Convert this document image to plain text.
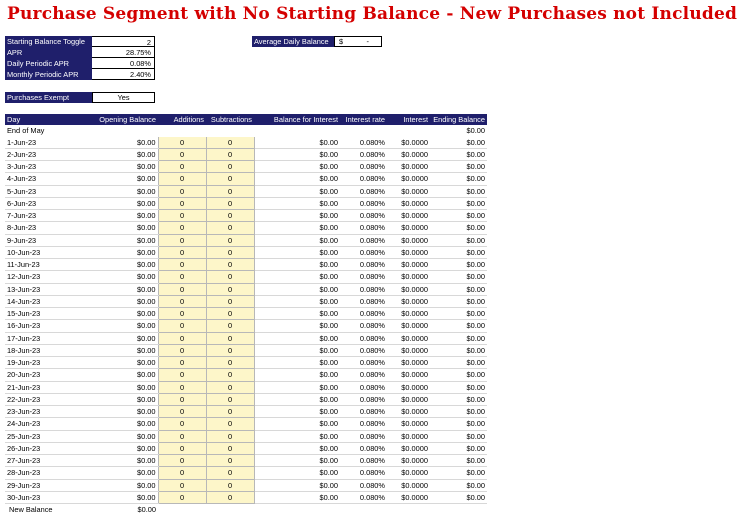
Purchase Segment with No Starting Balance - New Purchases not Included
Starting Balance Toggle	2
APR	28.75%
Daily Periodic APR	0.08%
Monthly Periodic APR	2.40%
Average Daily Balance	$	-
Purchases Exempt	Yes
Day	Opening Balance	Additions	Subtractions	Balance for Interest	Interest rate	Interest	Ending Balance
End of May							$0.00
1-Jun-23	$0.00	0	0	$0.00	0.080%	$0.0000	$0.00
2-Jun-23	$0.00	0	0	$0.00	0.080%	$0.0000	$0.00
3-Jun-23	$0.00	0	0	$0.00	0.080%	$0.0000	$0.00
4-Jun-23	$0.00	0	0	$0.00	0.080%	$0.0000	$0.00
5-Jun-23	$0.00	0	0	$0.00	0.080%	$0.0000	$0.00
6-Jun-23	$0.00	0	0	$0.00	0.080%	$0.0000	$0.00
7-Jun-23	$0.00	0	0	$0.00	0.080%	$0.0000	$0.00
8-Jun-23	$0.00	0	0	$0.00	0.080%	$0.0000	$0.00
9-Jun-23	$0.00	0	0	$0.00	0.080%	$0.0000	$0.00
10-Jun-23	$0.00	0	0	$0.00	0.080%	$0.0000	$0.00
11-Jun-23	$0.00	0	0	$0.00	0.080%	$0.0000	$0.00
12-Jun-23	$0.00	0	0	$0.00	0.080%	$0.0000	$0.00
13-Jun-23	$0.00	0	0	$0.00	0.080%	$0.0000	$0.00
14-Jun-23	$0.00	0	0	$0.00	0.080%	$0.0000	$0.00
15-Jun-23	$0.00	0	0	$0.00	0.080%	$0.0000	$0.00
16-Jun-23	$0.00	0	0	$0.00	0.080%	$0.0000	$0.00
17-Jun-23	$0.00	0	0	$0.00	0.080%	$0.0000	$0.00
18-Jun-23	$0.00	0	0	$0.00	0.080%	$0.0000	$0.00
19-Jun-23	$0.00	0	0	$0.00	0.080%	$0.0000	$0.00
20-Jun-23	$0.00	0	0	$0.00	0.080%	$0.0000	$0.00
21-Jun-23	$0.00	0	0	$0.00	0.080%	$0.0000	$0.00
22-Jun-23	$0.00	0	0	$0.00	0.080%	$0.0000	$0.00
23-Jun-23	$0.00	0	0	$0.00	0.080%	$0.0000	$0.00
24-Jun-23	$0.00	0	0	$0.00	0.080%	$0.0000	$0.00
25-Jun-23	$0.00	0	0	$0.00	0.080%	$0.0000	$0.00
26-Jun-23	$0.00	0	0	$0.00	0.080%	$0.0000	$0.00
27-Jun-23	$0.00	0	0	$0.00	0.080%	$0.0000	$0.00
28-Jun-23	$0.00	0	0	$0.00	0.080%	$0.0000	$0.00
29-Jun-23	$0.00	0	0	$0.00	0.080%	$0.0000	$0.00
30-Jun-23	$0.00	0	0	$0.00	0.080%	$0.0000	$0.00
New Balance	$0.00						
